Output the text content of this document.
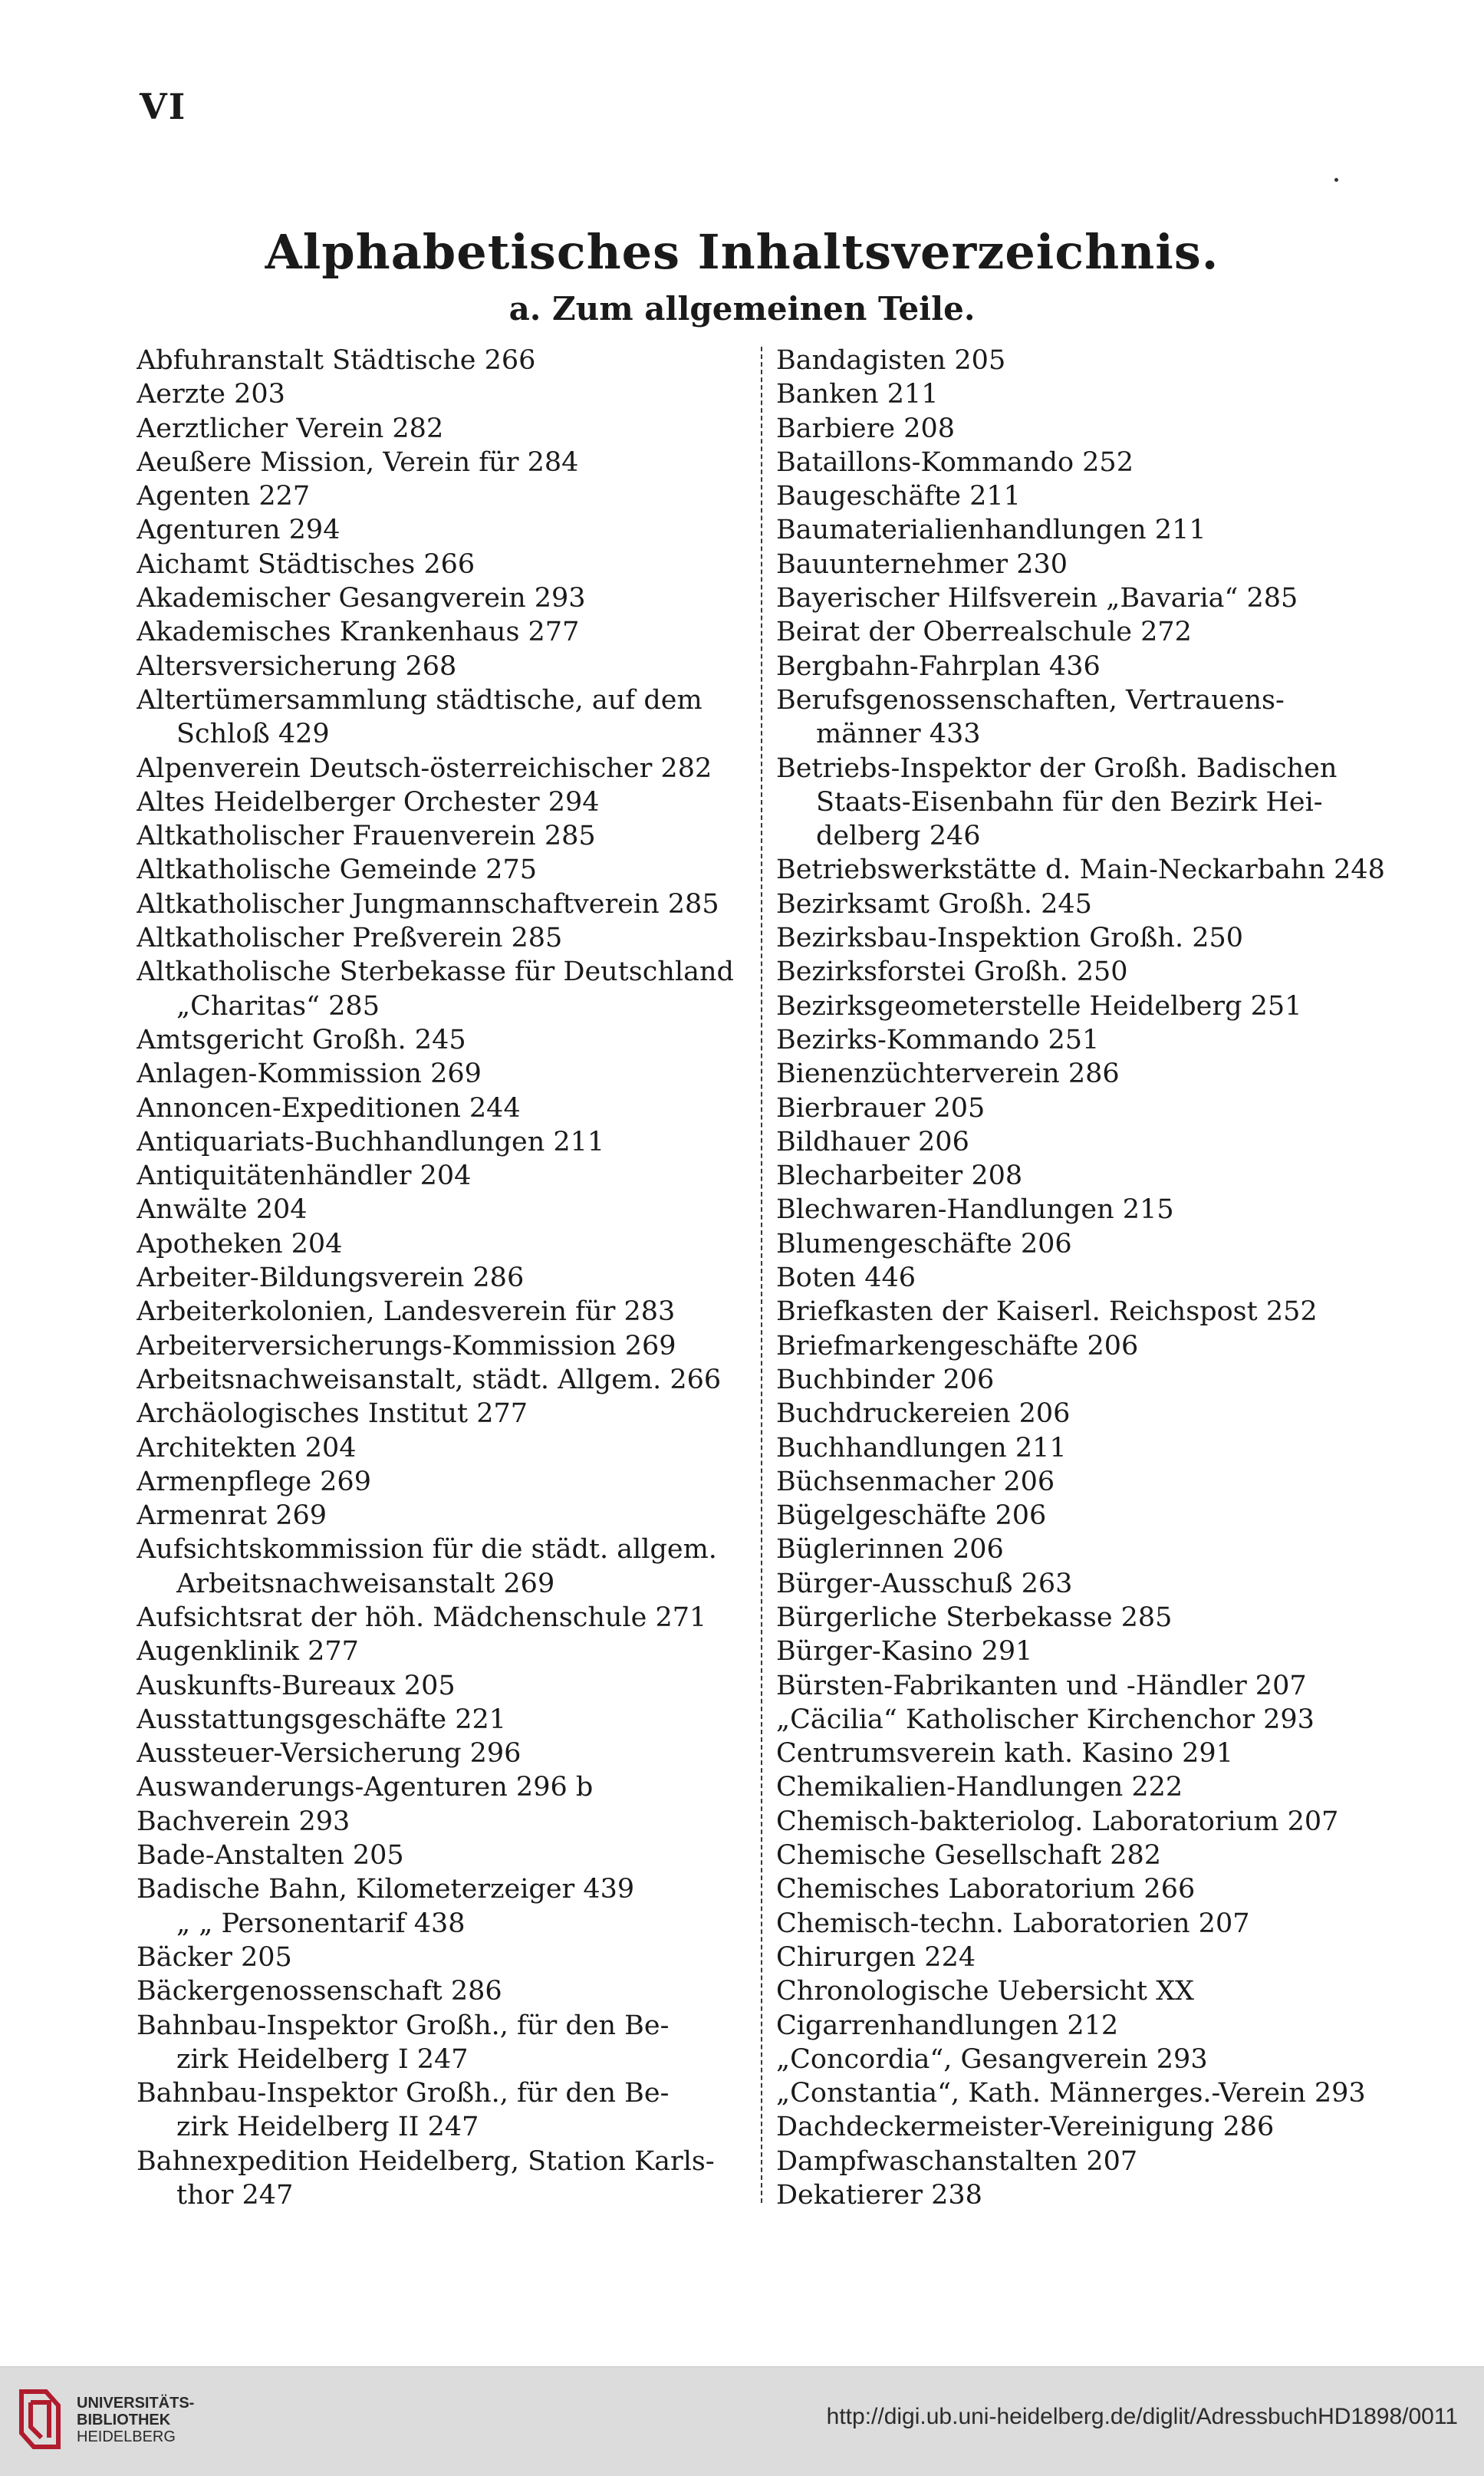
VI
Alphabetisches Inhaltsverzeichnis.
a. Zum allgemeinen Teile.
Abfuhranstalt Städtische 266
Aerzte 203
Aerztlicher Verein 282
Aeußere Mission, Verein für 284
Agenten 227
Agenturen 294
Aichamt Städtisches 266
Akademischer Gesangverein 293
Akademisches Krankenhaus 277
Altersversicherung 268
Altertümersammlung städtische, auf dem
Schloß 429
Alpenverein Deutsch-österreichischer 282
Altes Heidelberger Orchester 294
Altkatholischer Frauenverein 285
Altkatholische Gemeinde 275
Altkatholischer Jungmannschaftverein 285
Altkatholischer Preßverein 285
Altkatholische Sterbekasse für Deutschland
„Charitas“ 285
Amtsgericht Großh. 245
Anlagen-Kommission 269
Annoncen-Expeditionen 244
Antiquariats-Buchhandlungen 211
Antiquitätenhändler 204
Anwälte 204
Apotheken 204
Arbeiter-Bildungsverein 286
Arbeiterkolonien, Landesverein für 283
Arbeiterversicherungs-Kommission 269
Arbeitsnachweisanstalt, städt. Allgem. 266
Archäologisches Institut 277
Architekten 204
Armenpflege 269
Armenrat 269
Aufsichtskommission für die städt. allgem.
Arbeitsnachweisanstalt 269
Aufsichtsrat der höh. Mädchenschule 271
Augenklinik 277
Auskunfts-Bureaux 205
Ausstattungsgeschäfte 221
Aussteuer-Versicherung 296
Auswanderungs-Agenturen 296 b
Bachverein 293
Bade-Anstalten 205
Badische Bahn, Kilometerzeiger 439
„ „ Personentarif 438
Bäcker 205
Bäckergenossenschaft 286
Bahnbau-Inspektor Großh., für den Be-
zirk Heidelberg I 247
Bahnbau-Inspektor Großh., für den Be-
zirk Heidelberg II 247
Bahnexpedition Heidelberg, Station Karls-
thor 247
Bandagisten 205
Banken 211
Barbiere 208
Bataillons-Kommando 252
Baugeschäfte 211
Baumaterialienhandlungen 211
Bauunternehmer 230
Bayerischer Hilfsverein „Bavaria“ 285
Beirat der Oberrealschule 272
Bergbahn-Fahrplan 436
Berufsgenossenschaften, Vertrauens-
männer 433
Betriebs-Inspektor der Großh. Badischen
Staats-Eisenbahn für den Bezirk Hei-
delberg 246
Betriebswerkstätte d. Main-Neckarbahn 248
Bezirksamt Großh. 245
Bezirksbau-Inspektion Großh. 250
Bezirksforstei Großh. 250
Bezirksgeometerstelle Heidelberg 251
Bezirks-Kommando 251
Bienenzüchterverein 286
Bierbrauer 205
Bildhauer 206
Blecharbeiter 208
Blechwaren-Handlungen 215
Blumengeschäfte 206
Boten 446
Briefkasten der Kaiserl. Reichspost 252
Briefmarkengeschäfte 206
Buchbinder 206
Buchdruckereien 206
Buchhandlungen 211
Büchsenmacher 206
Bügelgeschäfte 206
Büglerinnen 206
Bürger-Ausschuß 263
Bürgerliche Sterbekasse 285
Bürger-Kasino 291
Bürsten-Fabrikanten und -Händler 207
„Cäcilia“ Katholischer Kirchenchor 293
Centrumsverein kath. Kasino 291
Chemikalien-Handlungen 222
Chemisch-bakteriolog. Laboratorium 207
Chemische Gesellschaft 282
Chemisches Laboratorium 266
Chemisch-techn. Laboratorien 207
Chirurgen 224
Chronologische Uebersicht XX
Cigarrenhandlungen 212
„Concordia“, Gesangverein 293
„Constantia“, Kath. Männerges.-Verein 293
Dachdeckermeister-Vereinigung 286
Dampfwaschanstalten 207
Dekatierer 238
UNIVERSITÄTS-
BIBLIOTHEK
HEIDELBERG
http://digi.ub.uni-heidelberg.de/diglit/AdressbuchHD1898/0011
